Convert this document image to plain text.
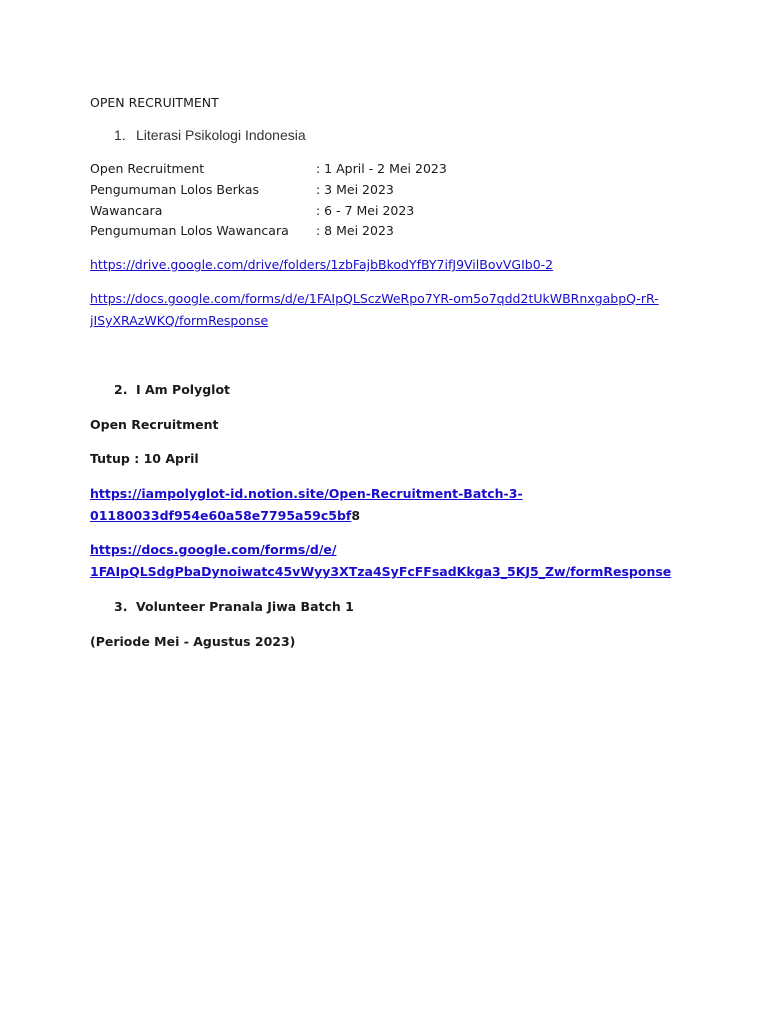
OPEN RECRUITMENT

1. Literasi Psikologi Indonesia

Open Recruitment	: 1 April - 2 Mei 2023

Pengumuman Lolos Berkas	: 3 Mei 2023

Wawancara	: 6 - 7 Mei 2023

Pengumuman Lolos Wawancara : 8 Mei 2023

https://drive.google.com/drive/folders/1zbFajbBkodYfBY7ifJ9VilBovVGIb0-2
https://docs.google.com/forms/d/e/1FAIpQLSczWeRpo7YR-om5o7qdd2tUkWBRnxgabpQ-rR-
jISyXRAzWKQ/formResponse

2. I Am Polyglot

Open Recruitment

Tutup : 10 April

https://iampolyglot-id.notion.site/Open-Recruitment-Batch-3-
01180033df954e60a58e7795a59c5bf8
https://docs.google.com/forms/d/e/
1FAIpQLSdgPbaDynoiwatc45vWyy3XTza4SyFcFFsadKkga3_5KJ5_Zw/formResponse

3. Volunteer Pranala Jiwa Batch 1

(Periode Mei - Agustus 2023)
